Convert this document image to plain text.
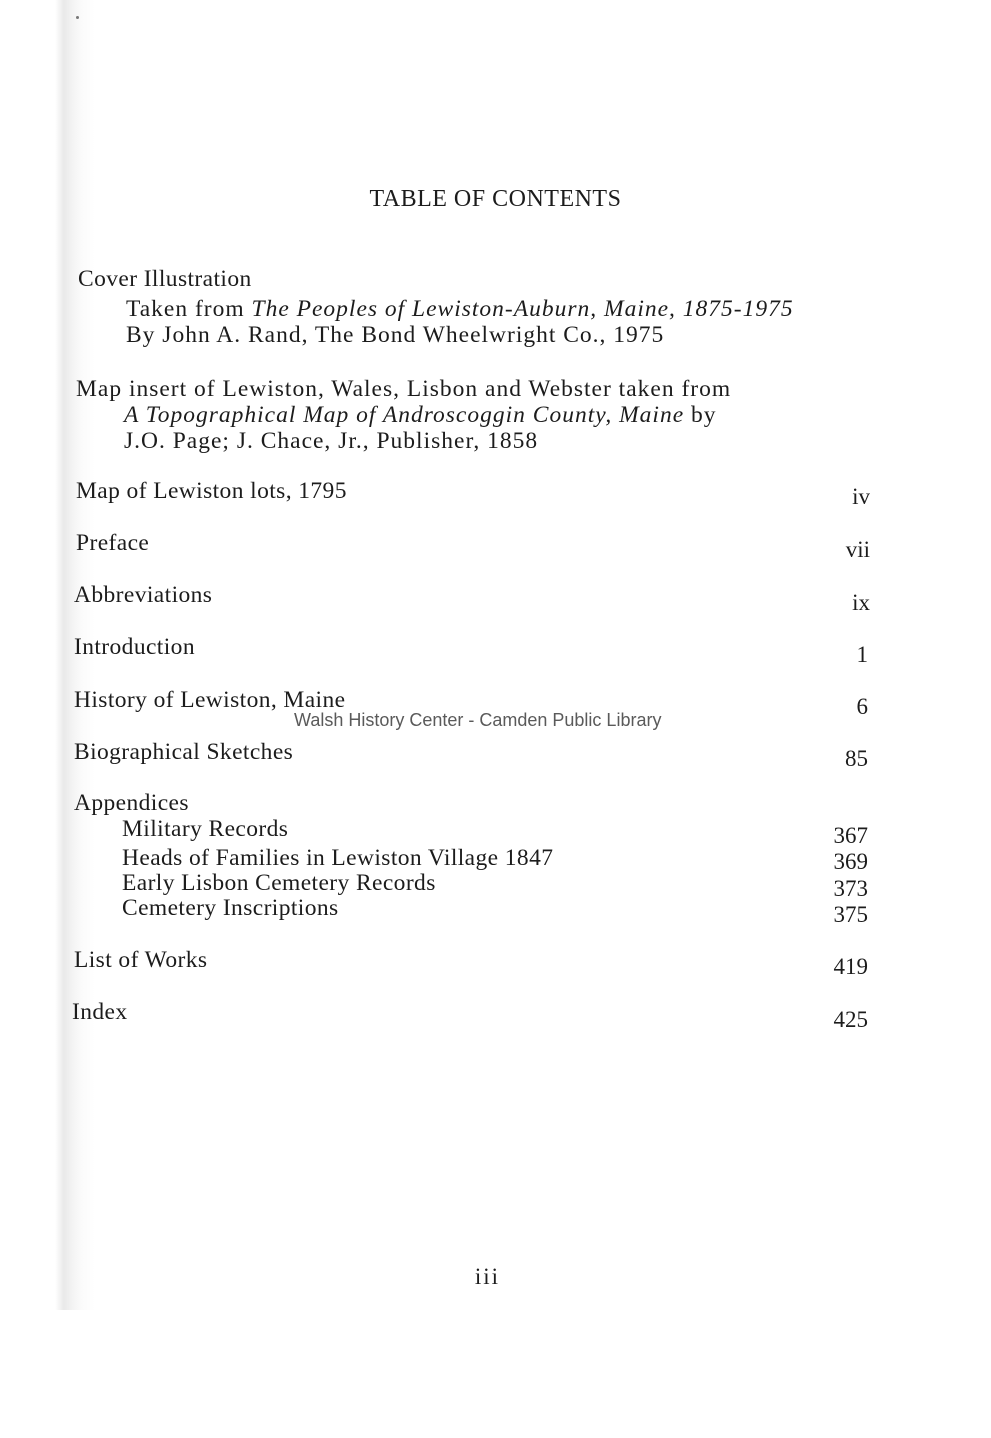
TABLE OF CONTENTS
Cover Illustration
Taken from The Peoples of Lewiston-Auburn, Maine, 1875-1975
By John A. Rand, The Bond Wheelwright Co., 1975
Map insert of Lewiston, Wales, Lisbon and Webster taken from
A Topographical Map of Androscoggin County, Maine by
J.O. Page; J. Chace, Jr., Publisher, 1858
Map of Lewiston lots, 1795	iv
Preface	vii
Abbreviations	ix
Introduction	1
History of Lewiston, Maine	6
Biographical Sketches	85
Appendices
Military Records	367
Heads of Families in Lewiston Village 1847	369
Early Lisbon Cemetery Records	373
Cemetery Inscriptions	375
List of Works	419
Index	425
Walsh History Center - Camden Public Library
iii
